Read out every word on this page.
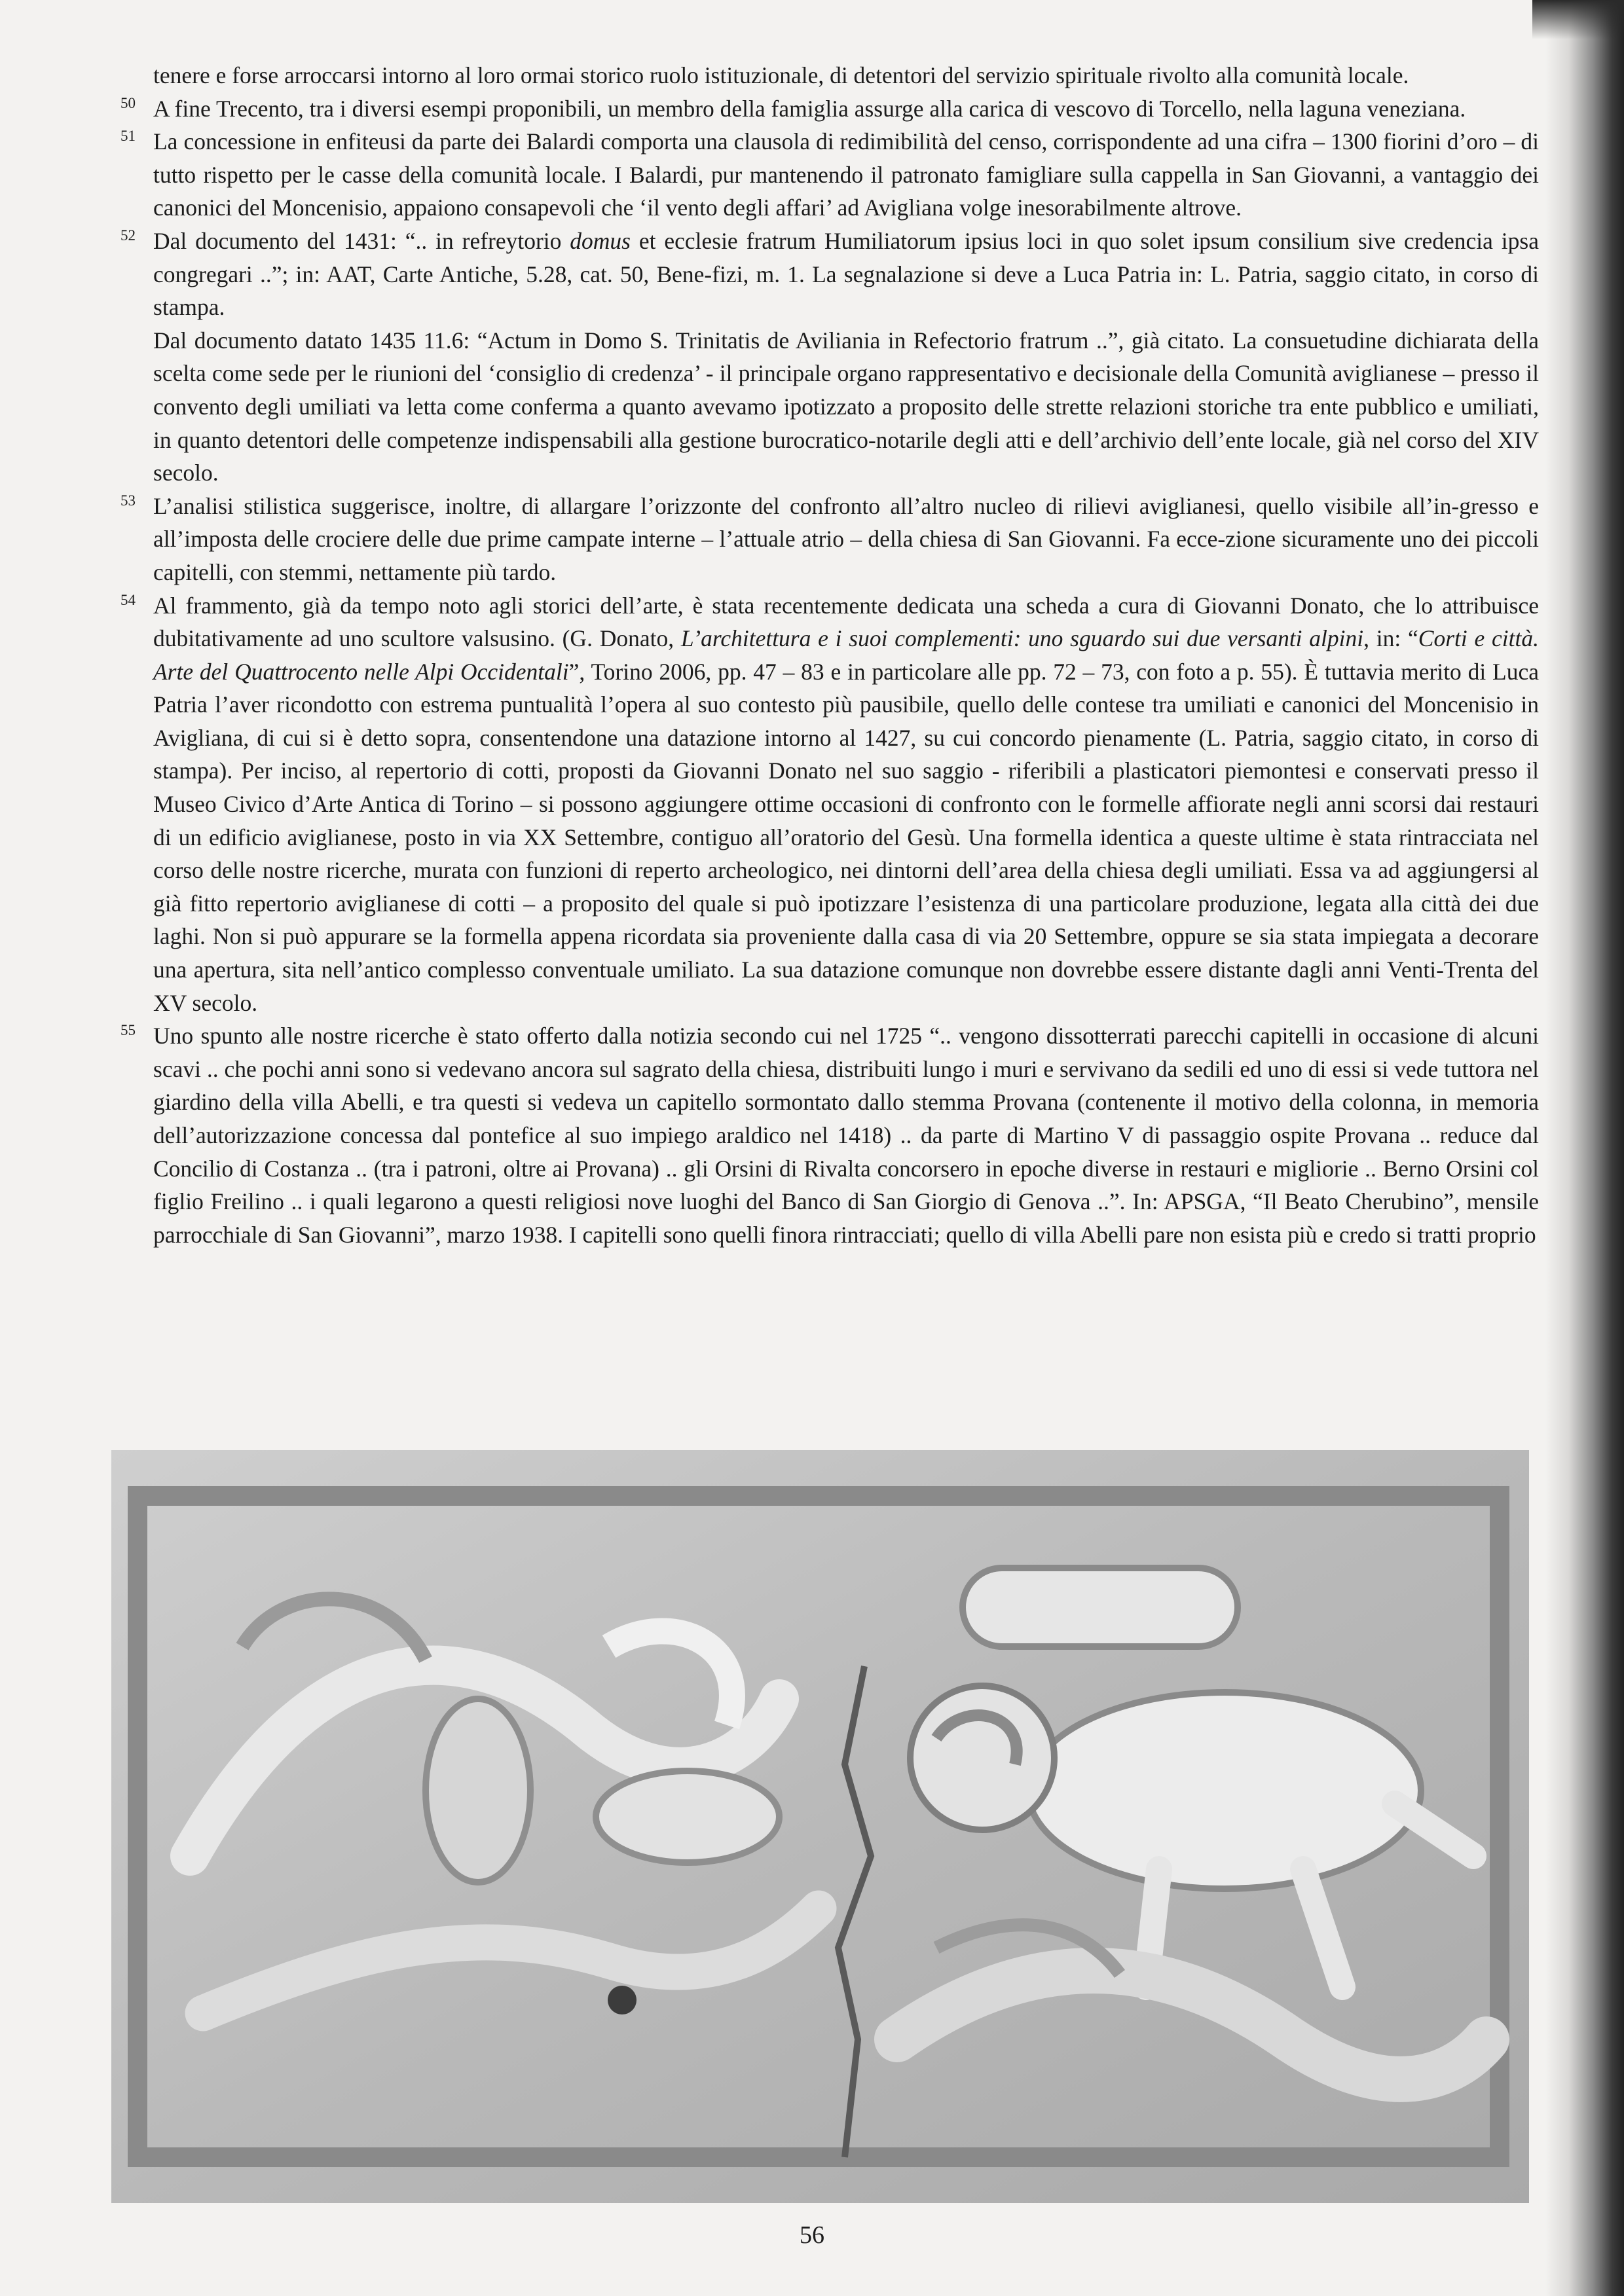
tenere e forse arroccarsi intorno al loro ormai storico ruolo istituzionale, di detentori del servizio spirituale rivolto alla comunità locale.

50 A fine Trecento, tra i diversi esempi proponibili, un membro della famiglia assurge alla carica di vescovo di Torcello, nella laguna veneziana.

51 La concessione in enfiteusi da parte dei Balardi comporta una clausola di redimibilità del censo, corrispondente ad una cifra – 1300 fiorini d’oro – di tutto rispetto per le casse della comunità locale. I Balardi, pur mantenendo il patronato famigliare sulla cappella in San Giovanni, a vantaggio dei canonici del Moncenisio, appaiono consapevoli che ‘il vento degli affari’ ad Avigliana volge inesorabilmente altrove.

52 Dal documento del 1431: “.. in refreytorio domus et ecclesie fratrum Humiliatorum ipsius loci in quo solet ipsum consilium sive credencia ipsa congregari ..”; in: AAT, Carte Antiche, 5.28, cat. 50, Bene-fizi, m. 1. La segnalazione si deve a Luca Patria in: L. Patria, saggio citato, in corso di stampa.

Dal documento datato 1435 11.6: “Actum in Domo S. Trinitatis de Aviliania in Refectorio fratrum ..”, già citato. La consuetudine dichiarata della scelta come sede per le riunioni del ‘consiglio di credenza’ - il principale organo rappresentativo e decisionale della Comunità aviglianese – presso il convento degli umiliati va letta come conferma a quanto avevamo ipotizzato a proposito delle strette relazioni storiche tra ente pubblico e umiliati, in quanto detentori delle competenze indispensabili alla gestione burocratico-notarile degli atti e dell’archivio dell’ente locale, già nel corso del XIV secolo.

53 L’analisi stilistica suggerisce, inoltre, di allargare l’orizzonte del confronto all’altro nucleo di rilievi aviglianesi, quello visibile all’in-gresso e all’imposta delle crociere delle due prime campate interne – l’attuale atrio – della chiesa di San Giovanni. Fa ecce-zione sicuramente uno dei piccoli capitelli, con stemmi, nettamente più tardo.

54 Al frammento, già da tempo noto agli storici dell’arte, è stata recentemente dedicata una scheda a cura di Giovanni Donato, che lo attribuisce dubitativamente ad uno scultore valsusino. (G. Donato, L’architettura e i suoi complementi: uno sguardo sui due versanti alpini, in: “Corti e città. Arte del Quattrocento nelle Alpi Occidentali”, Torino 2006, pp. 47 – 83 e in particolare alle pp. 72 – 73, con foto a p. 55). È tuttavia merito di Luca Patria l’aver ricondotto con estrema puntualità l’opera al suo contesto più pausibile, quello delle contese tra umiliati e canonici del Moncenisio in Avigliana, di cui si è detto sopra, consentendone una datazione intorno al 1427, su cui concordo pienamente (L. Patria, saggio citato, in corso di stampa). Per inciso, al repertorio di cotti, proposti da Giovanni Donato nel suo saggio - riferibili a plasticatori piemontesi e conservati presso il Museo Civico d’Arte Antica di Torino – si possono aggiungere ottime occasioni di confronto con le formelle affiorate negli anni scorsi dai restauri di un edificio aviglianese, posto in via XX Settembre, contiguo all’oratorio del Gesù. Una formella identica a queste ultime è stata rintracciata nel corso delle nostre ricerche, murata con funzioni di reperto archeologico, nei dintorni dell’area della chiesa degli umiliati. Essa va ad aggiungersi al già fitto repertorio aviglianese di cotti – a proposito del quale si può ipotizzare l’esistenza di una particolare produzione, legata alla città dei due laghi. Non si può appurare se la formella appena ricordata sia proveniente dalla casa di via 20 Settembre, oppure se sia stata impiegata a decorare una apertura, sita nell’antico complesso conventuale umiliato. La sua datazione comunque non dovrebbe essere distante dagli anni Venti-Trenta del XV secolo.

55 Uno spunto alle nostre ricerche è stato offerto dalla notizia secondo cui nel 1725 “.. vengono dissotterrati parecchi capitelli in occasione di alcuni scavi .. che pochi anni sono si vedevano ancora sul sagrato della chiesa, distribuiti lungo i muri e servivano da sedili ed uno di essi si vede tuttora nel giardino della villa Abelli, e tra questi si vedeva un capitello sormontato dallo stemma Provana (contenente il motivo della colonna, in memoria dell’autorizzazione concessa dal pontefice al suo impiego araldico nel 1418) .. da parte di Martino V di passaggio ospite Provana .. reduce dal Concilio di Costanza .. (tra i patroni, oltre ai Provana) .. gli Orsini di Rivalta concorsero in epoche diverse in restauri e migliorie .. Berno Orsini col figlio Freilino .. i quali legarono a questi religiosi nove luoghi del Banco di San Giorgio di Genova ..”. In: APSGA, “Il Beato Cherubino”, mensile parrocchiale di San Giovanni”, marzo 1938. I capitelli sono quelli finora rintracciati; quello di villa Abelli pare non esista più e credo si tratti proprio

56
